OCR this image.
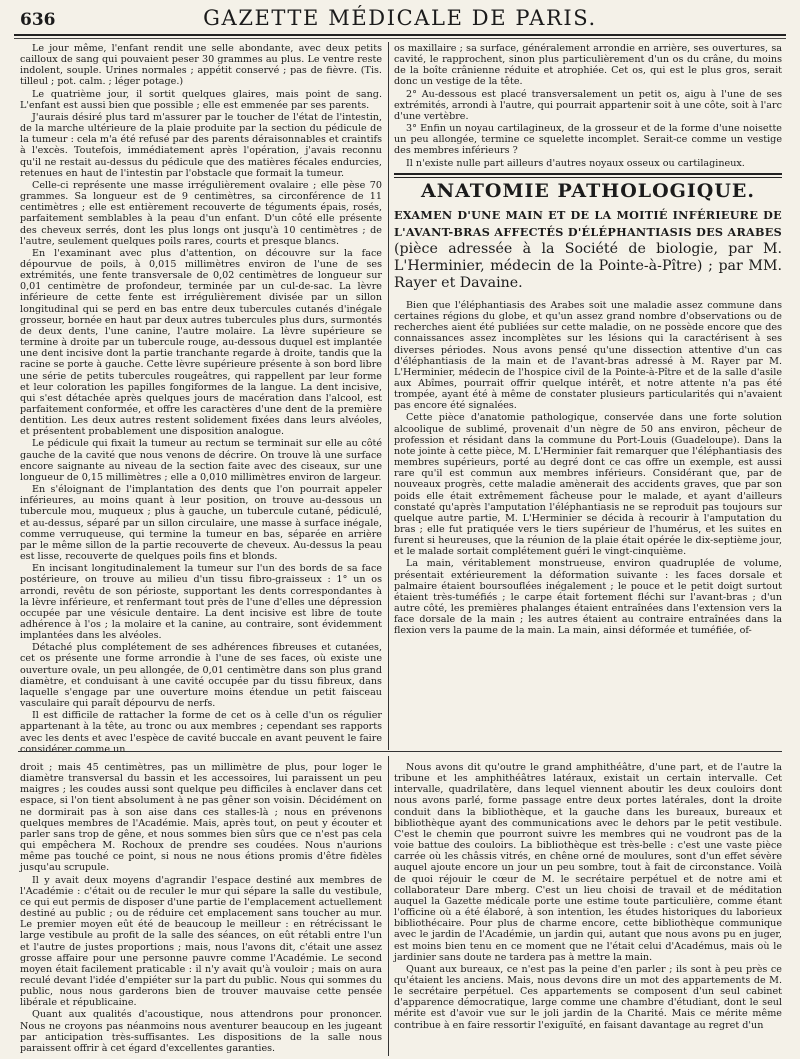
636	GAZETTE MÉDICALE DE PARIS.

Le jour même, l'enfant rendit une selle abondante, avec deux petits cailloux de sang qui pouvaient peser 30 grammes au plus. Le ventre reste indolent, souple. Urines normales ; appétit conservé ; pas de fièvre. (Tis. tilleul ; pot. calm. ; léger potage.)

Le quatrième jour, il sortit quelques glaires, mais point de sang. L'enfant est aussi bien que possible ; elle est emmenée par ses parents.

J'aurais désiré plus tard m'assurer par le toucher de l'état de l'intestin, de la marche ultérieure de la plaie produite par la section du pédicule de la tumeur : cela m'a été refusé par des parents déraisonnables et craintifs à l'excès. Toutefois, immédiatement après l'opération, j'avais reconnu qu'il ne restait au-dessus du pédicule que des matières fécales endurcies, retenues en haut de l'intestin par l'obstacle que formait la tumeur.

Celle-ci représente une masse irrégulièrement ovalaire ; elle pèse 70 grammes. Sa longueur est de 9 centimètres, sa circonférence de 11 centimètres ; elle est entièrement recouverte de téguments épais, rosés, parfaitement semblables à la peau d'un enfant. D'un côté elle présente des cheveux serrés, dont les plus longs ont jusqu'à 10 centimètres ; de l'autre, seulement quelques poils rares, courts et presque blancs.

En l'examinant avec plus d'attention, on découvre sur la face dépourvue de poils, à 0,015 millimètres environ de l'une de ses extrémités, une fente transversale de 0,02 centimètres de longueur sur 0,01 centimètre de profondeur, terminée par un cul-de-sac. La lèvre inférieure de cette fente est irrégulièrement divisée par un sillon longitudinal qui se perd en bas entre deux tubercules cutanés d'inégale grosseur, bornée en haut par deux autres tubercules plus durs, surmontés de deux dents, l'une canine, l'autre molaire. La lèvre supérieure se termine à droite par un tubercule rouge, au-dessous duquel est implantée une dent incisive dont la partie tranchante regarde à droite, tandis que la racine se porte à gauche. Cette lèvre supérieure présente à son bord libre une série de petits tubercules rougeâtres, qui rappellent par leur forme et leur coloration les papilles fongiformes de la langue. La dent incisive, qui s'est détachée après quelques jours de macération dans l'alcool, est parfaitement conformée, et offre les caractères d'une dent de la première dentition. Les deux autres restent solidement fixées dans leurs alvéoles, et présentent probablement une disposition analogue.

Le pédicule qui fixait la tumeur au rectum se terminait sur elle au côté gauche de la cavité que nous venons de décrire. On trouve là une surface encore saignante au niveau de la section faite avec des ciseaux, sur une longueur de 0,15 millimètres ; elle a 0,010 millimètres environ de largeur.

En s'éloignant de l'implantation des dents que l'on pourrait appeler inférieures, au moins quant à leur position, on trouve au-dessous un tubercule mou, muqueux ; plus à gauche, un tubercule cutané, pédiculé, et au-dessus, séparé par un sillon circulaire, une masse à surface inégale, comme verruqueuse, qui termine la tumeur en bas, séparée en arrière par le même sillon de la partie recouverte de cheveux. Au-dessus la peau est lisse, recouverte de quelques poils fins et blonds.

En incisant longitudinalement la tumeur sur l'un des bords de sa face postérieure, on trouve au milieu d'un tissu fibro-graisseux : 1° un os arrondi, revêtu de son périoste, supportant les dents correspondantes à la lèvre inférieure, et renfermant tout près de l'une d'elles une dépression occupée par une vésicule dentaire. La dent incisive est libre de toute adhérence à l'os ; la molaire et la canine, au contraire, sont évidemment implantées dans les alvéoles.

Détaché plus complétement de ses adhérences fibreuses et cutanées, cet os présente une forme arrondie à l'une de ses faces, où existe une ouverture ovale, un peu allongée, de 0,01 centimètre dans son plus grand diamètre, et conduisant à une cavité occupée par du tissu fibreux, dans laquelle s'engage par une ouverture moins étendue un petit faisceau vasculaire qui paraît dépourvu de nerfs.

Il est difficile de rattacher la forme de cet os à celle d'un os régulier appartenant à la tête, au tronc ou aux membres ; cependant ses rapports avec les dents et avec l'espèce de cavité buccale en avant peuvent le faire considérer comme un

os maxillaire ; sa surface, généralement arrondie en arrière, ses ouvertures, sa cavité, le rapprochent, sinon plus particulièrement d'un os du crâne, du moins de la boîte crânienne réduite et atrophiée. Cet os, qui est le plus gros, serait donc un vestige de la tête.

2° Au-dessous est placé transversalement un petit os, aigu à l'une de ses extrémités, arrondi à l'autre, qui pourrait appartenir soit à une côte, soit à l'arc d'une vertèbre.

3° Enfin un noyau cartilagineux, de la grosseur et de la forme d'une noisette un peu allongée, termine ce squelette incomplet. Serait-ce comme un vestige des membres inférieurs ?

Il n'existe nulle part ailleurs d'autres noyaux osseux ou cartilagineux.

ANATOMIE PATHOLOGIQUE.
EXAMEN D'UNE MAIN ET DE LA MOITIÉ INFÉRIEURE DE L'AVANT-BRAS AFFECTÉS D'ÉLÉPHANTIASIS DES ARABES (pièce adressée à la Société de biologie, par M. L'Herminier, médecin de la Pointe-à-Pître) ; par MM. Rayer et Davaine.

Bien que l'éléphantiasis des Arabes soit une maladie assez commune dans certaines régions du globe, et qu'un assez grand nombre d'observations ou de recherches aient été publiées sur cette maladie, on ne possède encore que des connaissances assez incomplètes sur les lésions qui la caractérisent à ses diverses périodes. Nous avons pensé qu'une dissection attentive d'un cas d'éléphantiasis de la main et de l'avant-bras adressé à M. Rayer par M. L'Herminier, médecin de l'hospice civil de la Pointe-à-Pître et de la salle d'asile aux Abîmes, pourrait offrir quelque intérêt, et notre attente n'a pas été trompée, ayant été à même de constater plusieurs particularités qui n'avaient pas encore été signalées.

Cette pièce d'anatomie pathologique, conservée dans une forte solution alcoolique de sublimé, provenait d'un nègre de 50 ans environ, pêcheur de profession et résidant dans la commune du Port-Louis (Guadeloupe). Dans la note jointe à cette pièce, M. L'Herminier fait remarquer que l'éléphantiasis des membres supérieurs, porté au degré dont ce cas offre un exemple, est aussi rare qu'il est commun aux membres inférieurs. Considérant que, par de nouveaux progrès, cette maladie amènerait des accidents graves, que par son poids elle était extrêmement fâcheuse pour le malade, et ayant d'ailleurs constaté qu'après l'amputation l'éléphantiasis ne se reproduit pas toujours sur quelque autre partie, M. L'Herminier se décida à recourir à l'amputation du bras ; elle fut pratiquée vers le tiers supérieur de l'humérus, et les suites en furent si heureuses, que la réunion de la plaie était opérée le dix-septième jour, et le malade sortait complétement guéri le vingt-cinquième.

La main, véritablement monstrueuse, environ quadruplée de volume, présentait extérieurement la déformation suivante : les faces dorsale et palmaire étaient boursouflées inégalement ; le pouce et le petit doigt surtout étaient très-tuméfiés ; le carpe était fortement fléchi sur l'avant-bras ; d'un autre côté, les premières phalanges étaient entraînées dans l'extension vers la face dorsale de la main ; les autres étaient au contraire entraînées dans la flexion vers la paume de la main. La main, ainsi déformée et tuméfiée, of-

droit ; mais 45 centimètres, pas un millimètre de plus, pour loger le diamètre transversal du bassin et les accessoires, lui paraissent un peu maigres ; les coudes aussi sont quelque peu difficiles à enclaver dans cet espace, si l'on tient absolument à ne pas gêner son voisin. Décidément on ne dormirait pas à son aise dans ces stalles-là ; nous en prévenons quelques membres de l'Académie. Mais, après tout, on peut y écouter et parler sans trop de gêne, et nous sommes bien sûrs que ce n'est pas cela qui empêchera M. Rochoux de prendre ses coudées. Nous n'aurions même pas touché ce point, si nous ne nous étions promis d'être fidèles jusqu'au scrupule.

Il y avait deux moyens d'agrandir l'espace destiné aux membres de l'Académie : c'était ou de reculer le mur qui sépare la salle du vestibule, ce qui eut permis de disposer d'une partie de l'emplacement actuellement destiné au public ; ou de réduire cet emplacement sans toucher au mur. Le premier moyen eût été de beaucoup le meilleur : en rétrécissant le large vestibule au profit de la salle des séances, on eût rétabli entre l'un et l'autre de justes proportions ; mais, nous l'avons dit, c'était une assez grosse affaire pour une personne pauvre comme l'Académie. Le second moyen était facilement praticable : il n'y avait qu'à vouloir ; mais on aura reculé devant l'idée d'empiéter sur la part du public. Nous qui sommes du public, nous nous garderons bien de trouver mauvaise cette pensée libérale et républicaine.

Quant aux qualités d'acoustique, nous attendrons pour prononcer. Nous ne croyons pas néanmoins nous aventurer beaucoup en les jugeant par anticipation très-suffisantes. Les dispositions de la salle nous paraissent offrir à cet égard d'excellentes garanties.

Nous avons dit qu'outre le grand amphithéâtre, d'une part, et de l'autre la tribune et les amphithéâtres latéraux, existait un certain intervalle. Cet intervalle, quadrilatère, dans lequel viennent aboutir les deux couloirs dont nous avons parlé, forme passage entre deux portes latérales, dont la droite conduit dans la bibliothèque, et la gauche dans les bureaux, bureaux et bibliothèque ayant des communications avec le dehors par le petit vestibule. C'est le chemin que pourront suivre les membres qui ne voudront pas de la voie battue des couloirs. La bibliothèque est très-belle : c'est une vaste pièce carrée où les châssis vitrés, en chêne orné de moulures, sont d'un effet sévère auquel ajoute encore un jour un peu sombre, tout à fait de circonstance. Voilà de quoi réjouir le cœur de M. le secrétaire perpétuel et de notre ami et collaborateur Dare mberg. C'est un lieu choisi de travail et de méditation auquel la Gazette médicale porte une estime toute particulière, comme étant l'officine où a été élaboré, à son intention, les études historiques du laborieux bibliothécaire. Pour plus de charme encore, cette bibliothèque communique avec le jardin de l'Académie, un jardin qui, autant que nous avons pu en juger, est moins bien tenu en ce moment que ne l'était celui d'Académus, mais où le jardinier sans doute ne tardera pas à mettre la main.

Quant aux bureaux, ce n'est pas la peine d'en parler ; ils sont à peu près ce qu'étaient les anciens. Mais, nous devons dire un mot des appartements de M. le secrétaire perpétuel. Ces appartements se composent d'un seul cabinet d'apparence démocratique, large comme une chambre d'étudiant, dont le seul mérite est d'avoir vue sur le joli jardin de la Charité. Mais ce mérite même contribue à en faire ressortir l'exiguïté, en faisant davantage au regret d'un
